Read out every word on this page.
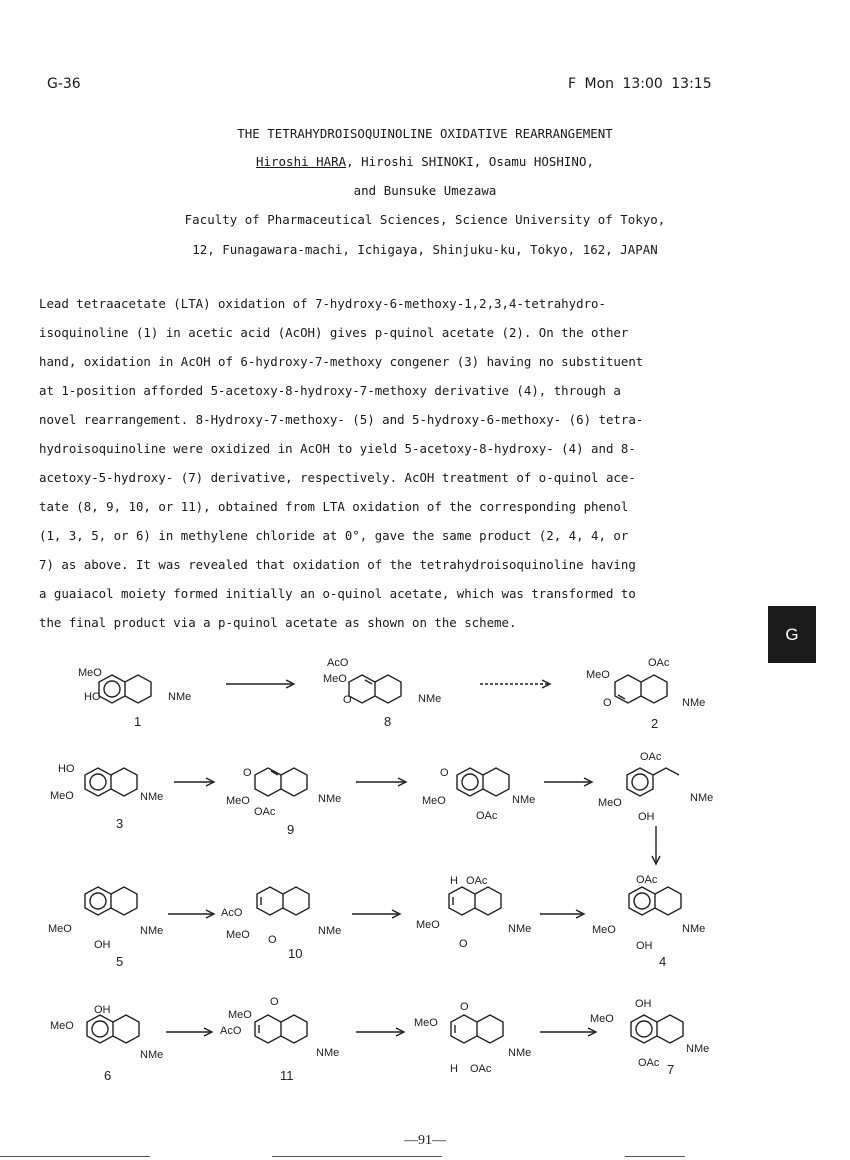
G-36	F Mon 13:00 13:15
THE TETRAHYDROISOQUINOLINE OXIDATIVE REARRANGEMENT
Hiroshi HARA, Hiroshi SHINOKI, Osamu HOSHINO,
and Bunsuke Umezawa
Faculty of Pharmaceutical Sciences, Science University of Tokyo,
12, Funagawara-machi, Ichigaya, Shinjuku-ku, Tokyo, 162, JAPAN
Lead tetraacetate (LTA) oxidation of 7-hydroxy-6-methoxy-1,2,3,4-tetrahydro-
isoquinoline (1) in acetic acid (AcOH) gives p-quinol acetate (2). On the other
hand, oxidation in AcOH of 6-hydroxy-7-methoxy congener (3) having no substituent
at 1-position afforded 5-acetoxy-8-hydroxy-7-methoxy derivative (4), through a
novel rearrangement. 8-Hydroxy-7-methoxy- (5) and 5-hydroxy-6-methoxy- (6) tetra-
hydroisoquinoline were oxidized in AcOH to yield 5-acetoxy-8-hydroxy- (4) and 8-
acetoxy-5-hydroxy- (7) derivative, respectively. AcOH treatment of o-quinol ace-
tate (8, 9, 10, or 11), obtained from LTA oxidation of the corresponding phenol
(1, 3, 5, or 6) in methylene chloride at 0°, gave the same product (2, 4, 4, or
7) as above. It was revealed that oxidation of the tetrahydroisoquinoline having
a guaiacol moiety formed initially an o-quinol acetate, which was transformed to
the final product via a p-quinol acetate as shown on the scheme.
G
MeO
HO	NMe
1
AcO
MeO
O	NMe
8
MeO
OAc
O	NMe
2
HO
MeO	NMe
3
O
MeO
OAc
NMe
9
O
MeO
OAc
NMe
OAc
MeO
OH
NMe
MeO
OH
NMe
5
AcO
MeO O
NMe
10
H OAc
MeO
O
NMe
OAc
MeO
OH
NMe
4
OH
MeO
NMe
6
O
MeO
AcO
NMe
11
O
MeO
NMe
H OAc
OH
MeO
NMe
OAc 7
—91—
